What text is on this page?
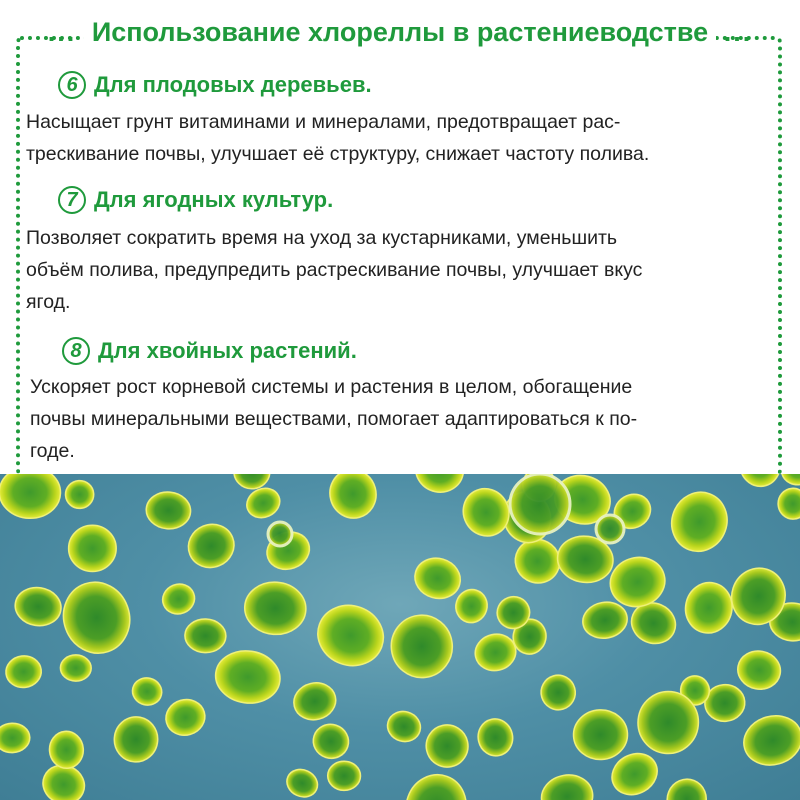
... Использование хлореллы в растениеводстве ...
6 Для плодовых деревьев.

Насыщает грунт витаминами и минералами, предотвращает рас-

трескивание почвы, улучшает её структуру, снижает частоту полива.

7 Для ягодных культур.

Позволяет сократить время на уход за кустарниками, уменьшить

объём полива, предупредить растрескивание почвы, улучшает вкус

ягод.

8 Для хвойных растений.

Ускоряет рост корневой системы и растения в целом, обогащение

почвы минеральными веществами, помогает адаптироваться к по-

годе.
